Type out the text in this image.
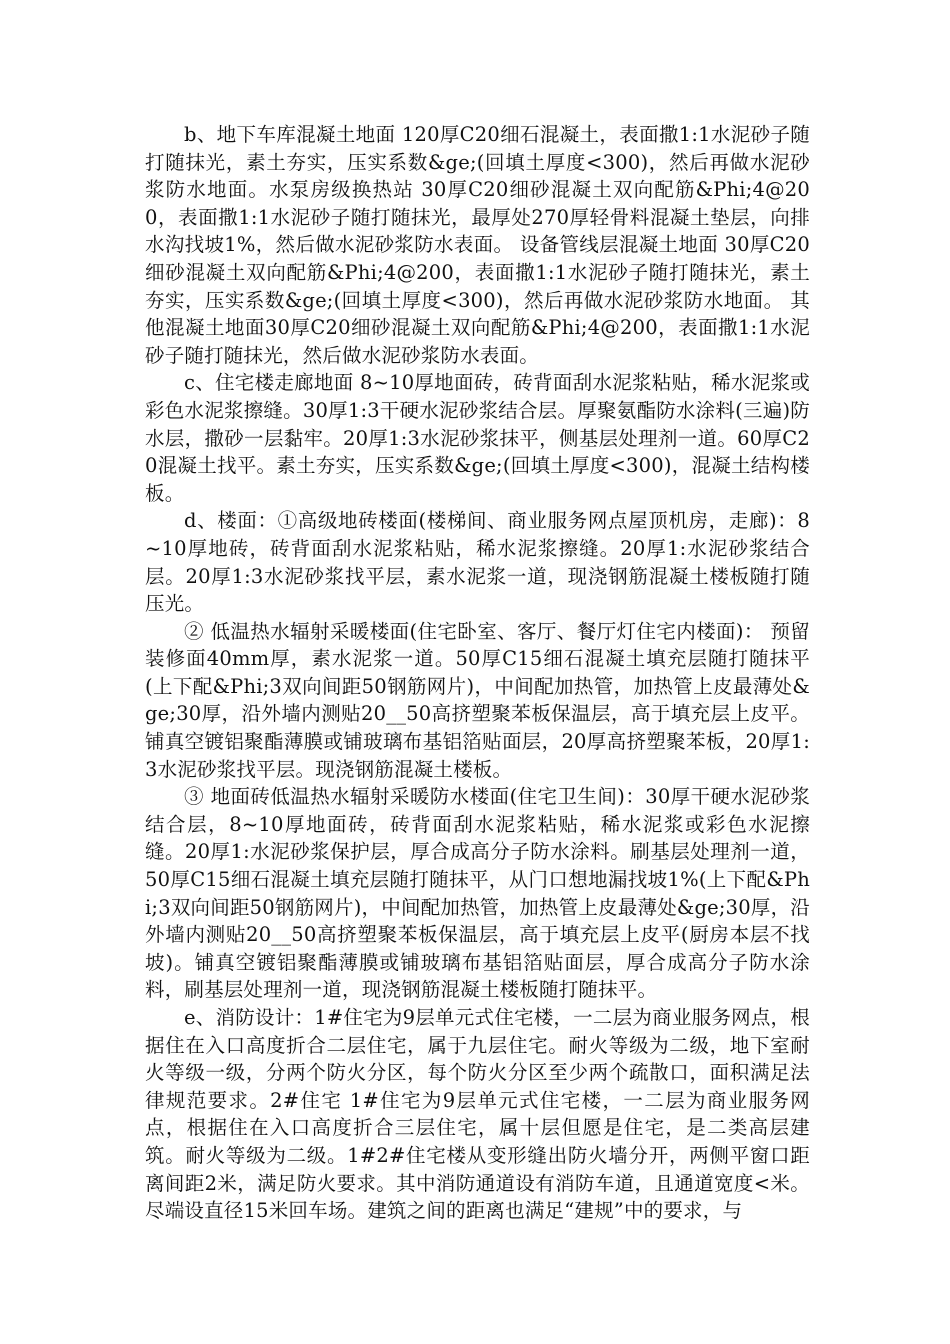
b、地下车库混凝土地面 120厚C20细石混凝土，表面撒1:1水泥砂子随打随抹光，素土夯实，压实系数&ge;(回填土厚度<300)，然后再做水泥砂浆防水地面。水泵房级换热站 30厚C20细砂混凝土双向配筋&Phi;4@200，表面撒1:1水泥砂子随打随抹光，最厚处270厚轻骨料混凝土垫层，向排水沟找坡1%，然后做水泥砂浆防水表面。 设备管线层混凝土地面 30厚C20细砂混凝土双向配筋&Phi;4@200，表面撒1:1水泥砂子随打随抹光，素土夯实，压实系数&ge;(回填土厚度<300)，然后再做水泥砂浆防水地面。 其他混凝土地面30厚C20细砂混凝土双向配筋&Phi;4@200，表面撒1:1水泥砂子随打随抹光，然后做水泥砂浆防水表面。

c、住宅楼走廊地面 8~10厚地面砖，砖背面刮水泥浆粘贴，稀水泥浆或彩色水泥浆擦缝。30厚1:3干硬水泥砂浆结合层。厚聚氨酯防水涂料(三遍)防水层，撒砂一层黏牢。20厚1:3水泥砂浆抹平，侧基层处理剂一道。60厚C20混凝土找平。素土夯实，压实系数&ge;(回填土厚度<300)，混凝土结构楼板。

d、楼面：①高级地砖楼面(楼梯间、商业服务网点屋顶机房，走廊)：8~10厚地砖，砖背面刮水泥浆粘贴，稀水泥浆擦缝。20厚1:水泥砂浆结合层。20厚1:3水泥砂浆找平层，素水泥浆一道，现浇钢筋混凝土楼板随打随压光。

② 低温热水辐射采暖楼面(住宅卧室、客厅、餐厅灯住宅内楼面)： 预留装修面40mm厚，素水泥浆一道。50厚C15细石混凝土填充层随打随抹平(上下配&Phi;3双向间距50钢筋网片)，中间配加热管，加热管上皮最薄处&ge;30厚，沿外墙内测贴20__50高挤塑聚苯板保温层，高于填充层上皮平。铺真空镀铝聚酯薄膜或铺玻璃布基铝箔贴面层，20厚高挤塑聚苯板，20厚1:3水泥砂浆找平层。现浇钢筋混凝土楼板。

③ 地面砖低温热水辐射采暖防水楼面(住宅卫生间)：30厚干硬水泥砂浆结合层，8~10厚地面砖，砖背面刮水泥浆粘贴，稀水泥浆或彩色水泥擦缝。20厚1:水泥砂浆保护层，厚合成高分子防水涂料。刷基层处理剂一道，50厚C15细石混凝土填充层随打随抹平，从门口想地漏找坡1%(上下配&Phi;3双向间距50钢筋网片)，中间配加热管，加热管上皮最薄处&ge;30厚，沿外墙内测贴20__50高挤塑聚苯板保温层，高于填充层上皮平(厨房本层不找坡)。铺真空镀铝聚酯薄膜或铺玻璃布基铝箔贴面层，厚合成高分子防水涂料，刷基层处理剂一道，现浇钢筋混凝土楼板随打随抹平。

e、消防设计：1#住宅为9层单元式住宅楼，一二层为商业服务网点，根据住在入口高度折合二层住宅，属于九层住宅。耐火等级为二级，地下室耐火等级一级，分两个防火分区，每个防火分区至少两个疏散口，面积满足法律规范要求。2#住宅 1#住宅为9层单元式住宅楼，一二层为商业服务网点，根据住在入口高度折合三层住宅，属十层但愿是住宅，是二类高层建筑。耐火等级为二级。1#2#住宅楼从变形缝出防火墙分开，两侧平窗口距离间距2米，满足防火要求。其中消防通道设有消防车道，且通道宽度<米。尽端设直径15米回车场。建筑之间的距离也满足“建规”中的要求，与
